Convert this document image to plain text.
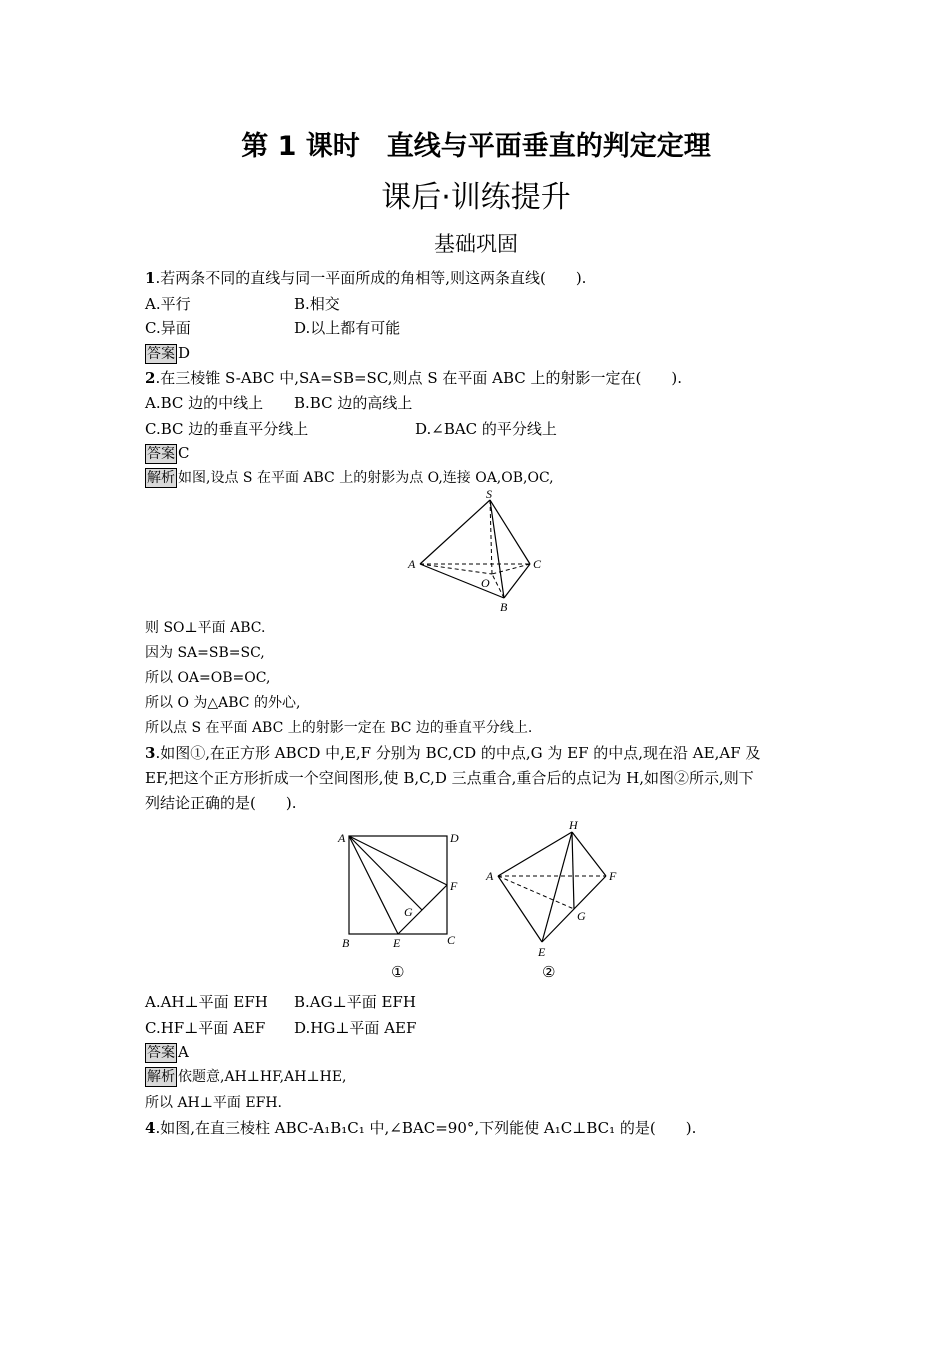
第 1 课时　直线与平面垂直的判定定理
课后·训练提升
基础巩固
1.若两条不同的直线与同一平面所成的角相等,则这两条直线(　　).
A.平行	B.相交
C.异面	D.以上都有可能
答案 D
2.在三棱锥 S-ABC 中,SA=SB=SC,则点 S 在平面 ABC 上的射影一定在(　　).
A.BC 边的中线上 B.BC 边的高线上
C.BC 边的垂直平分线上	D.∠BAC 的平分线上
答案 C
解析 如图,设点 S 在平面 ABC 上的射影为点 O,连接 OA,OB,OC,
S
A	C
B
O
则 SO⊥平面 ABC.
因为 SA=SB=SC,
所以 OA=OB=OC,
所以 O 为△ABC 的外心,
所以点 S 在平面 ABC 上的射影一定在 BC 边的垂直平分线上.
3.如图①,在正方形 ABCD 中,E,F 分别为 BC,CD 的中点,G 为 EF 的中点,现在沿 AE,AF 及
EF,把这个正方形折成一个空间图形,使 B,C,D 三点重合,重合后的点记为 H,如图②所示,则下
列结论正确的是(　　).
A	D
F
G
B	E	C
①
H
A	F
G
E
②
A.AH⊥平面 EFH B.AG⊥平面 EFH
C.HF⊥平面 AEF D.HG⊥平面 AEF
答案 A
解析 依题意,AH⊥HF,AH⊥HE,
所以 AH⊥平面 EFH.
4.如图,在直三棱柱 ABC-A₁B₁C₁ 中,∠BAC=90°,下列能使 A₁C⊥BC₁ 的是(　　).
